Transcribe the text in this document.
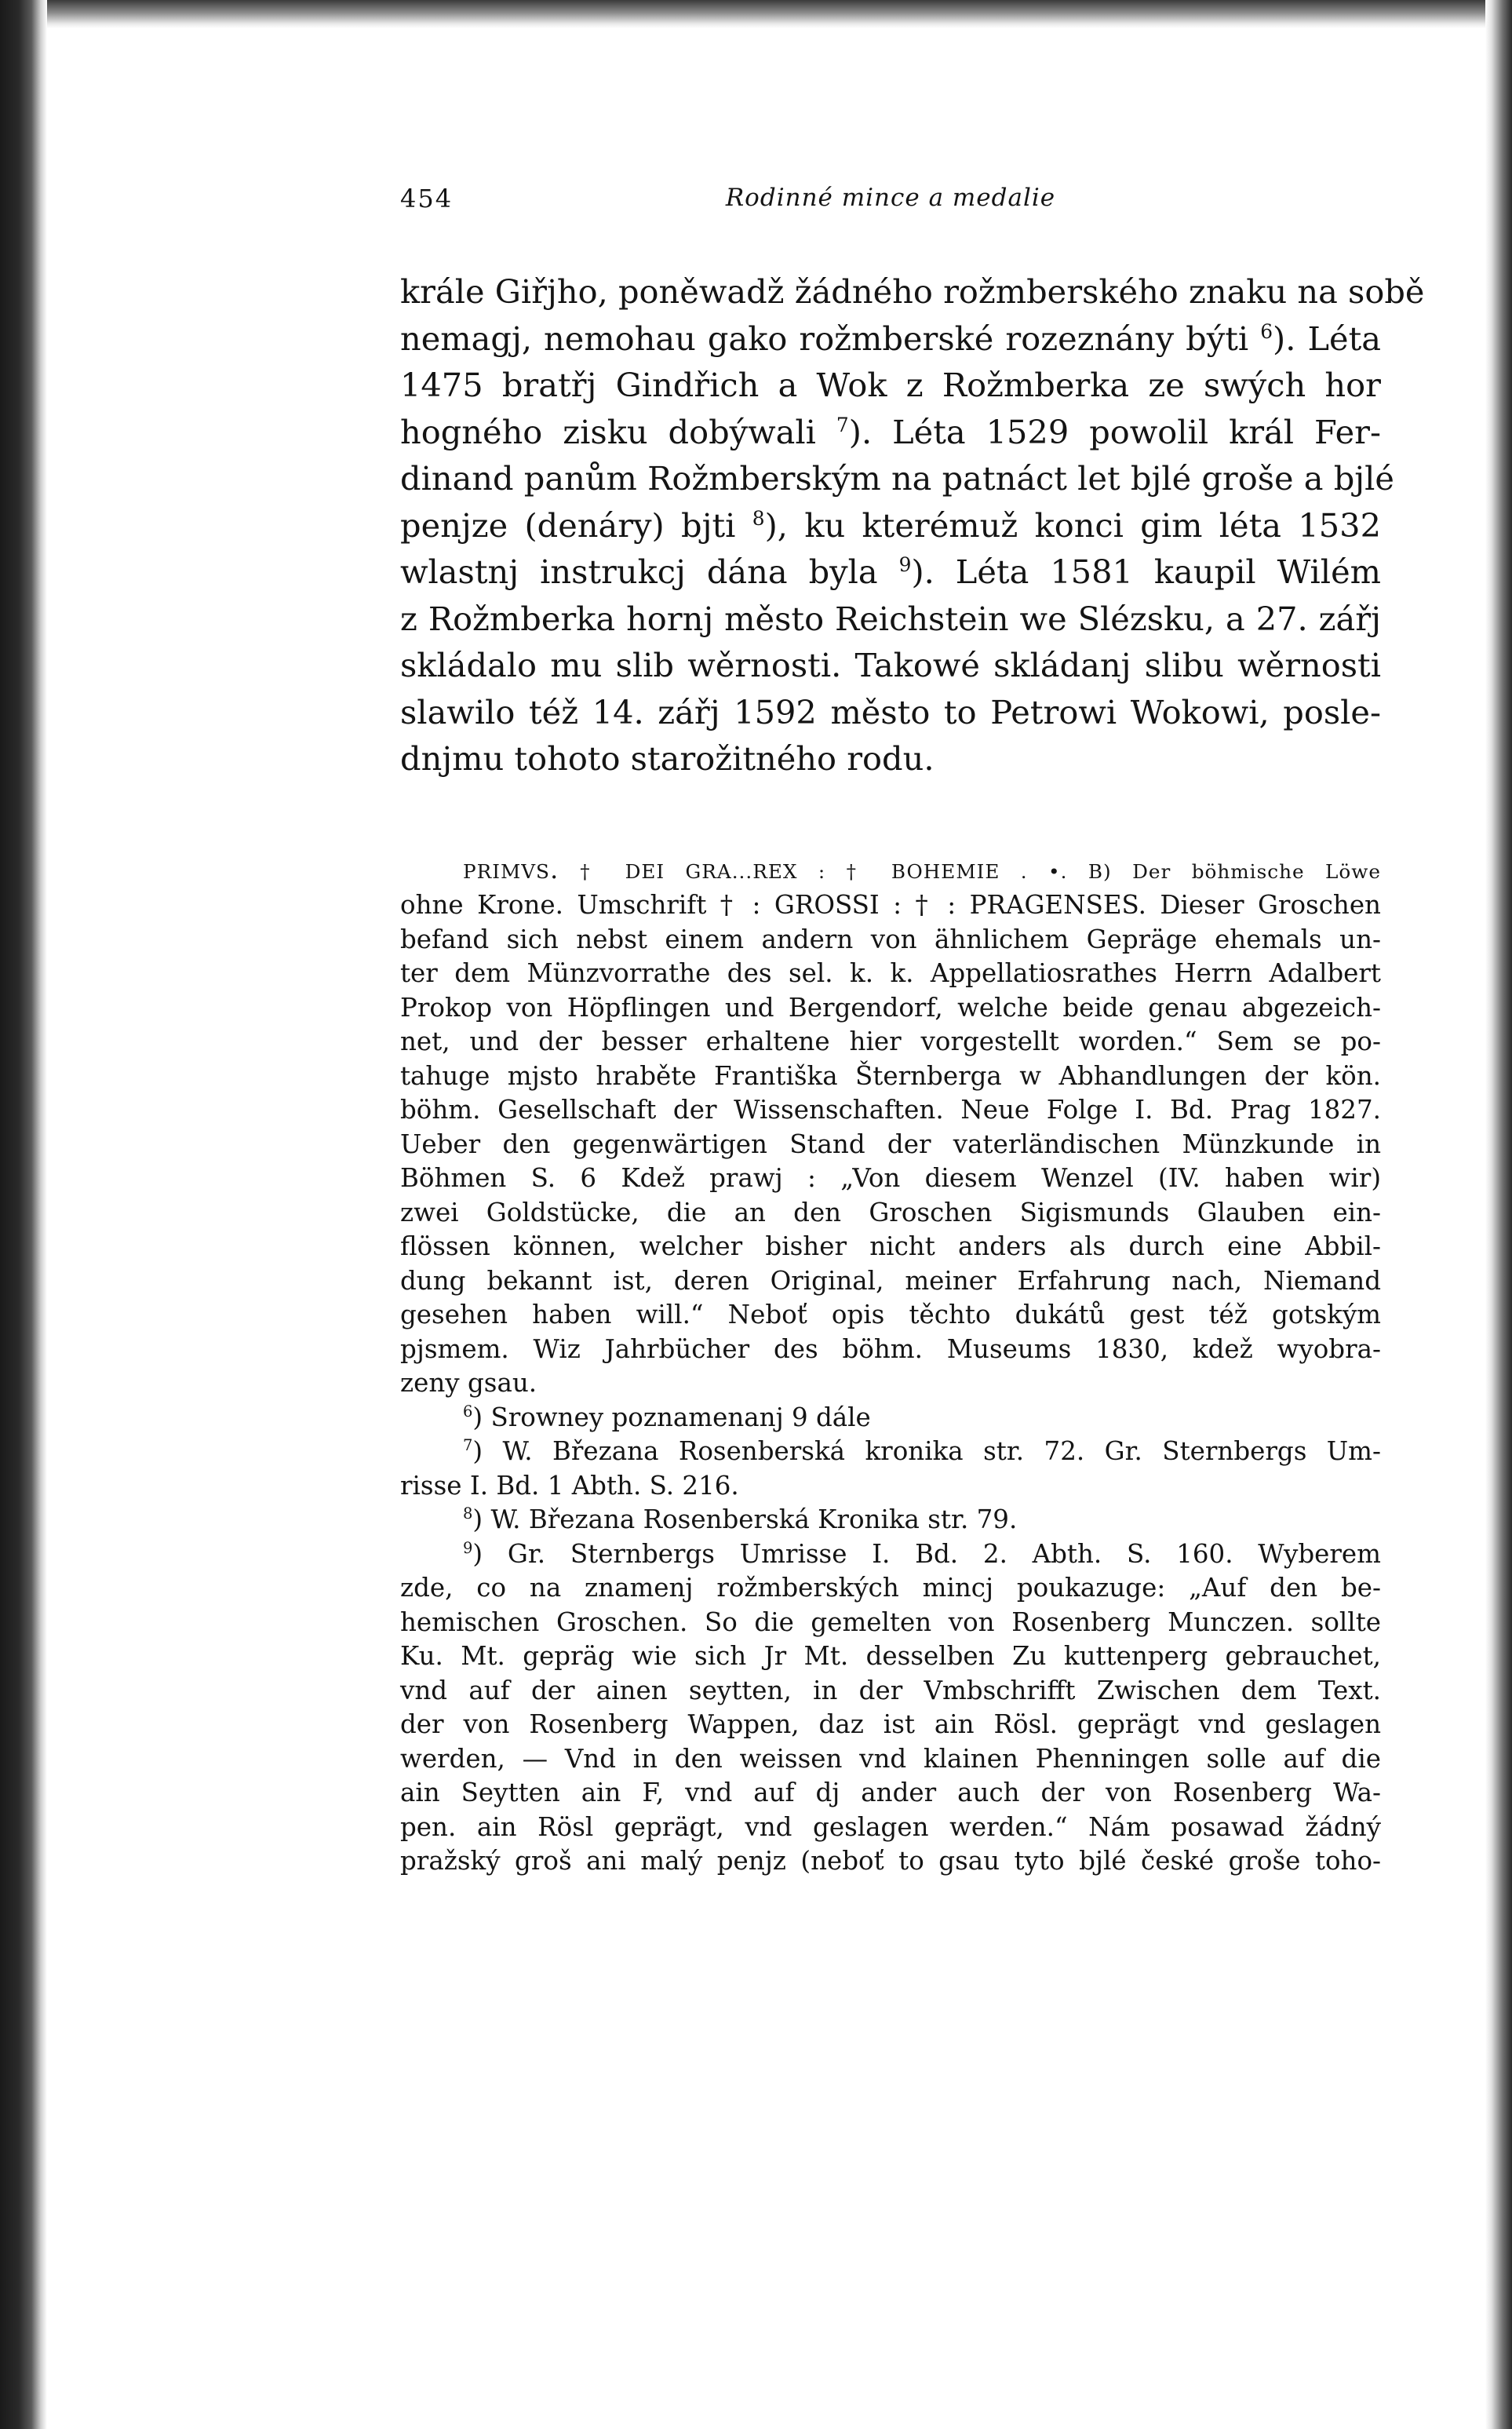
454	Rodinné mince a medalie
krále Giřjho, poněwadž žádného rožmberského znaku na sobě
nemagj, nemohau gako rožmberské rozeznány býti $^6$). Léta
1475 bratřj Gindřich a Wok z Rožmberka ze swých hor
hogného zisku dobýwali $^7$). Léta 1529 powolil král Fer-
dinand panům Rožmberským na patnáct let bjlé groše a bjlé
penjze (denáry) bjti $^8$), ku kterémuž konci gim léta 1532
wlastnj instrukcj dána byla $^9$). Léta 1581 kaupil Wilém
z Rožmberka hornj město Reichstein we Slézsku, a 27. zářj
skládalo mu slib wěrnosti. Takowé skládanj slibu wěrnosti
slawilo též 14. zářj 1592 město to Petrowi Wokowi, posle-
dnjmu tohoto starožitného rodu.
PRIMVS. † DEI GRA...REX : † BOHEMIE . •. B) Der böhmische Löwe
ohne Krone. Umschrift † : GROSSI : † : PRAGENSES. Dieser Groschen
befand sich nebst einem andern von ähnlichem Gepräge ehemals un-
ter dem Münzvorrathe des sel. k. k. Appellatiosrathes Herrn Adalbert
Prokop von Höpflingen und Bergendorf, welche beide genau abgezeich-
net, und der besser erhaltene hier vorgestellt worden.“ Sem se po-
tahuge mjsto hraběte Františka Šternberga w Abhandlungen der kön.
böhm. Gesellschaft der Wissenschaften. Neue Folge I. Bd. Prag 1827.
Ueber den gegenwärtigen Stand der vaterländischen Münzkunde in
Böhmen S. 6 Kdež prawj : „Von diesem Wenzel (IV. haben wir)
zwei Goldstücke, die an den Groschen Sigismunds Glauben ein-
flössen können, welcher bisher nicht anders als durch eine Abbil-
dung bekannt ist, deren Original, meiner Erfahrung nach, Niemand
gesehen haben will.“ Neboť opis těchto dukátů gest též gotským
pjsmem. Wiz Jahrbücher des böhm. Museums 1830, kdež wyobra-
zeny gsau.
$^6$) Srowney poznamenanj 9 dále
$^7$) W. Březana Rosenberská kronika str. 72. Gr. Sternbergs Um-
risse I. Bd. 1 Abth. S. 216.
$^8$) W. Březana Rosenberská Kronika str. 79.
$^9$) Gr. Sternbergs Umrisse I. Bd. 2. Abth. S. 160. Wyberem
zde, co na znamenj rožmberských mincj poukazuge: „Auf den be-
hemischen Groschen. So die gemelten von Rosenberg Munczen. sollte
Ku. Mt. gepräg wie sich Jr Mt. desselben Zu kuttenperg gebrauchet,
vnd auf der ainen seytten, in der Vmbschrifft Zwischen dem Text.
der von Rosenberg Wappen, daz ist ain Rösl. geprägt vnd geslagen
werden, — Vnd in den weissen vnd klainen Phenningen solle auf die
ain Seytten ain F, vnd auf dj ander auch der von Rosenberg Wa-
pen. ain Rösl geprägt, vnd geslagen werden.“ Nám posawad žádný
pražský groš ani malý penjz (neboť to gsau tyto bjlé české groše toho-
